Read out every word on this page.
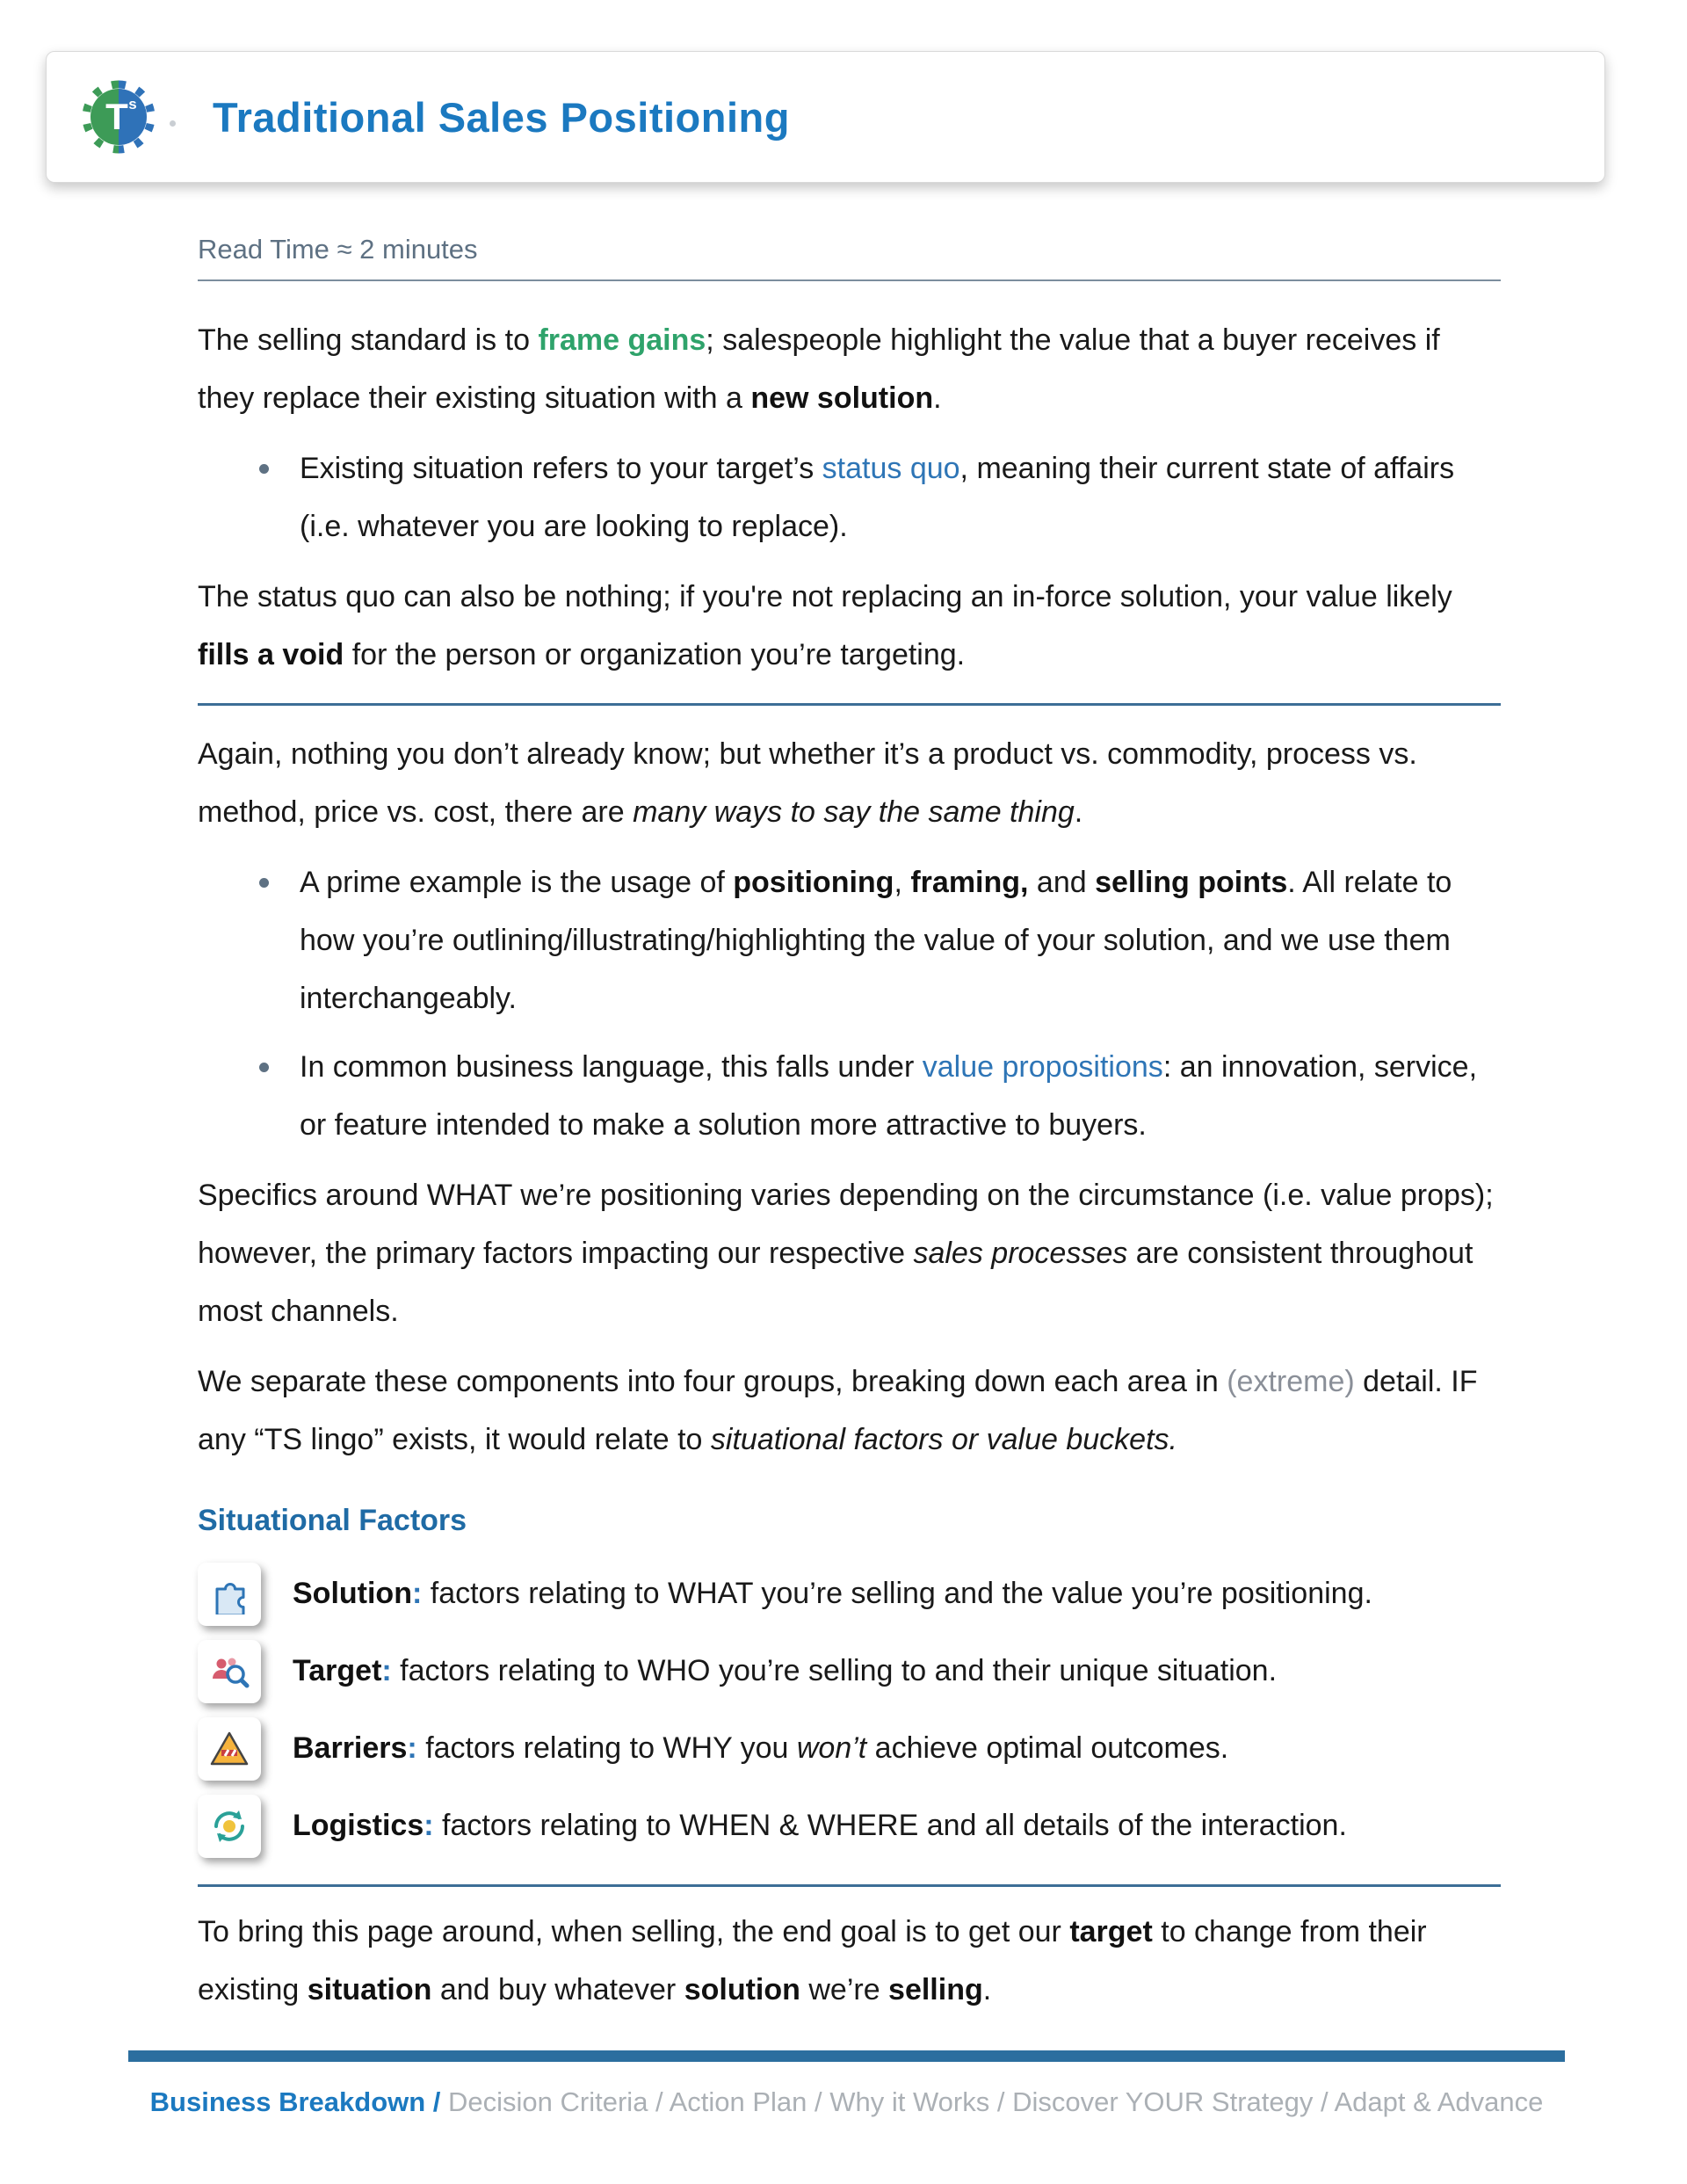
T s Traditional Sales Positioning
Read Time ≈ 2 minutes

The selling standard is to frame gains; salespeople highlight the value that a buyer receives if they replace their existing situation with a new solution.

Existing situation refers to your target’s status quo, meaning their current state of affairs (i.e. whatever you are looking to replace).

The status quo can also be nothing; if you're not replacing an in-force solution, your value likely fills a void for the person or organization you’re targeting.

Again, nothing you don’t already know; but whether it’s a product vs. commodity, process vs. method, price vs. cost, there are many ways to say the same thing.

A prime example is the usage of positioning, framing, and selling points. All relate to how you’re outlining/illustrating/highlighting the value of your solution, and we use them interchangeably.
In common business language, this falls under value propositions: an innovation, service, or feature intended to make a solution more attractive to buyers.

Specifics around WHAT we’re positioning varies depending on the circumstance (i.e. value props); however, the primary factors impacting our respective sales processes are consistent throughout most channels.

We separate these components into four groups, breaking down each area in (extreme) detail. IF any “TS lingo” exists, it would relate to situational factors or value buckets.

Situational Factors
Solution: factors relating to WHAT you’re selling and the value you’re positioning.
Target: factors relating to WHO you’re selling to and their unique situation.
Barriers: factors relating to WHY you won’t achieve optimal outcomes.
Logistics: factors relating to WHEN & WHERE and all details of the interaction.

To bring this page around, when selling, the end goal is to get our target to change from their existing situation and buy whatever solution we’re selling.

Business Breakdown / Decision Criteria / Action Plan / Why it Works / Discover YOUR Strategy / Adapt & Advance
